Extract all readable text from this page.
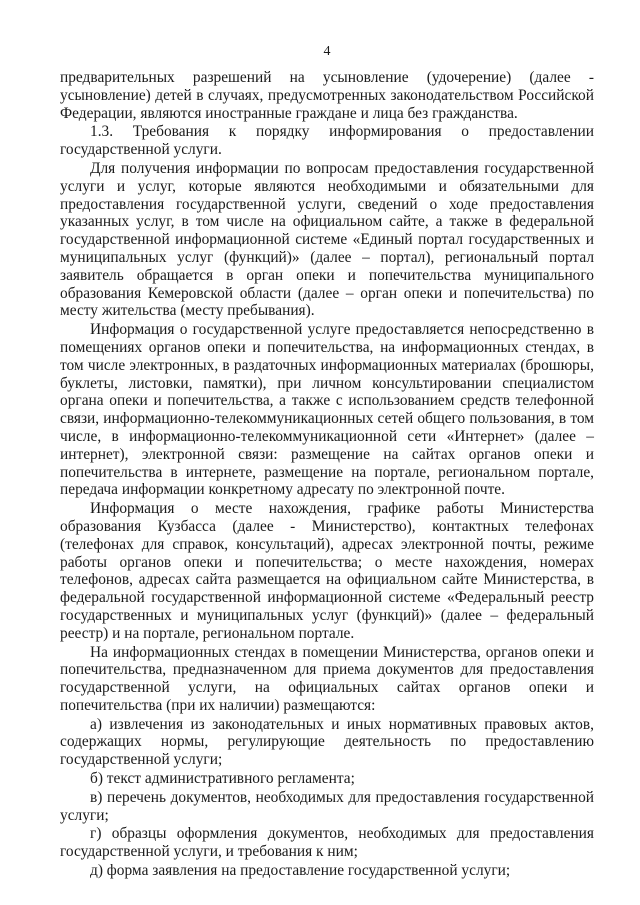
4

предварительных разрешений на усыновление (удочерение) (далее - усыновление) детей в случаях, предусмотренных законодательством Российской Федерации, являются иностранные граждане и лица без гражданства.

1.3. Требования к порядку информирования о предоставлении государственной услуги.

Для получения информации по вопросам предоставления государственной услуги и услуг, которые являются необходимыми и обязательными для предоставления государственной услуги, сведений о ходе предоставления указанных услуг, в том числе на официальном сайте, а также в федеральной государственной информационной системе «Единый портал государственных и муниципальных услуг (функций)» (далее – портал), региональный портал заявитель обращается в орган опеки и попечительства муниципального образования Кемеровской области (далее – орган опеки и попечительства) по месту жительства (месту пребывания).

Информация о государственной услуге предоставляется непосредственно в помещениях органов опеки и попечительства, на информационных стендах, в том числе электронных, в раздаточных информационных материалах (брошюры, буклеты, листовки, памятки), при личном консультировании специалистом органа опеки и попечительства, а также с использованием средств телефонной связи, информационно-телекоммуникационных сетей общего пользования, в том числе, в информационно-телекоммуникационной сети «Интернет» (далее – интернет), электронной связи: размещение на сайтах органов опеки и попечительства в интернете, размещение на портале, региональном портале, передача информации конкретному адресату по электронной почте.

Информация о месте нахождения, графике работы Министерства образования Кузбасса (далее - Министерство), контактных телефонах (телефонах для справок, консультаций), адресах электронной почты, режиме работы органов опеки и попечительства; о месте нахождения, номерах телефонов, адресах сайта размещается на официальном сайте Министерства, в федеральной государственной информационной системе «Федеральный реестр государственных и муниципальных услуг (функций)» (далее – федеральный реестр) и на портале, региональном портале.

На информационных стендах в помещении Министерства, органов опеки и попечительства, предназначенном для приема документов для предоставления государственной услуги, на официальных сайтах органов опеки и попечительства (при их наличии) размещаются:

а) извлечения из законодательных и иных нормативных правовых актов, содержащих нормы, регулирующие деятельность по предоставлению государственной услуги;

б) текст административного регламента;

в) перечень документов, необходимых для предоставления государственной услуги;

г) образцы оформления документов, необходимых для предоставления государственной услуги, и требования к ним;

д) форма заявления на предоставление государственной услуги;
